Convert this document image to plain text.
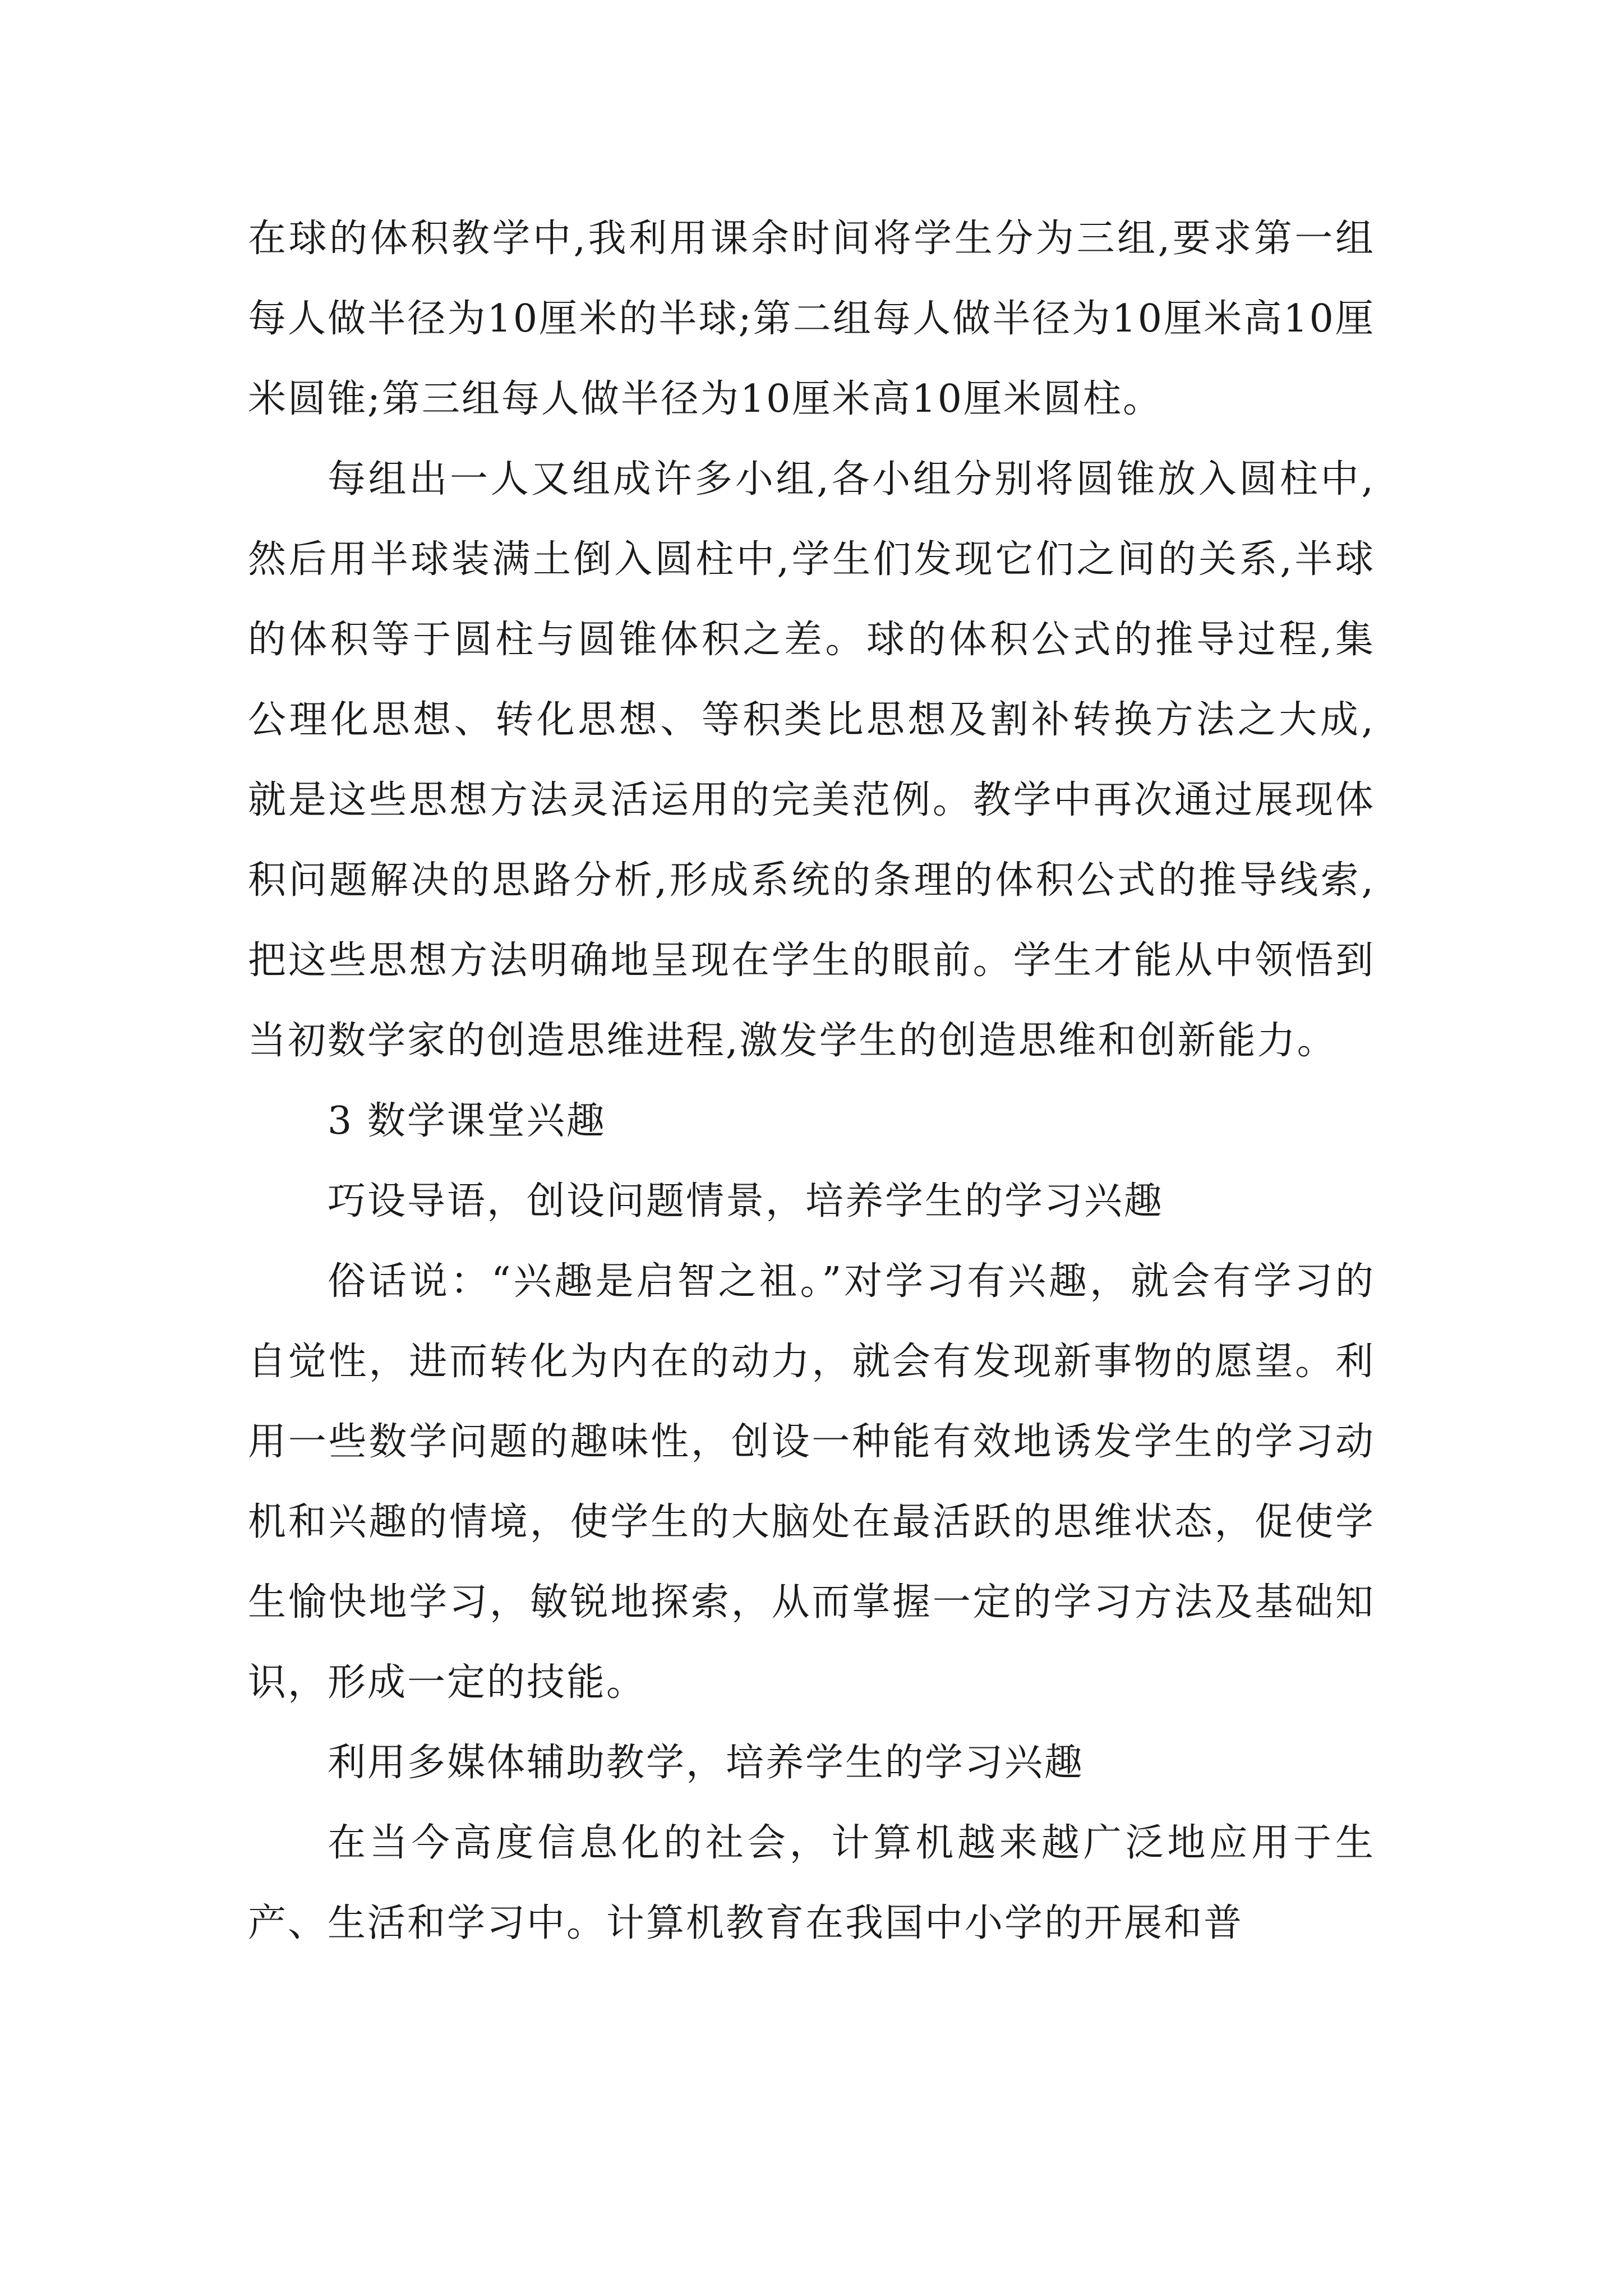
在球的体积教学中,我利用课余时间将学生分为三组,要求第一组每人做半径为10厘米的半球;第二组每人做半径为10厘米高10厘米圆锥;第三组每人做半径为10厘米高10厘米圆柱。

每组出一人又组成许多小组,各小组分别将圆锥放入圆柱中,然后用半球装满土倒入圆柱中,学生们发现它们之间的关系,半球的体积等于圆柱与圆锥体积之差。球的体积公式的推导过程,集公理化思想、转化思想、等积类比思想及割补转换方法之大成,就是这些思想方法灵活运用的完美范例。教学中再次通过展现体积问题解决的思路分析,形成系统的条理的体积公式的推导线索,把这些思想方法明确地呈现在学生的眼前。学生才能从中领悟到当初数学家的创造思维进程,激发学生的创造思维和创新能力。

3 数学课堂兴趣

巧设导语，创设问题情景，培养学生的学习兴趣

俗话说：“兴趣是启智之祖。”对学习有兴趣，就会有学习的自觉性，进而转化为内在的动力，就会有发现新事物的愿望。利用一些数学问题的趣味性，创设一种能有效地诱发学生的学习动机和兴趣的情境，使学生的大脑处在最活跃的思维状态，促使学生愉快地学习，敏锐地探索，从而掌握一定的学习方法及基础知识，形成一定的技能。

利用多媒体辅助教学，培养学生的学习兴趣

在当今高度信息化的社会，计算机越来越广泛地应用于生产、生活和学习中。计算机教育在我国中小学的开展和普
